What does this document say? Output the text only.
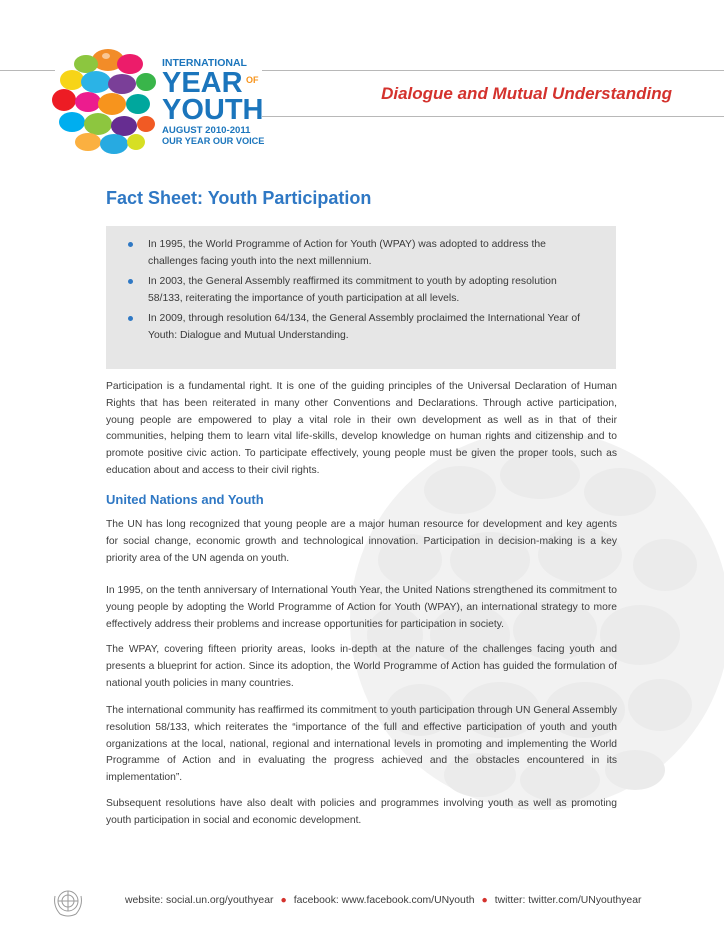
INTERNATIONAL
YEAR OF
YOUTH
AUGUST 2010-2011
OUR YEAR OUR VOICE
Dialogue and Mutual Understanding
Fact Sheet: Youth Participation
In 1995, the World Programme of Action for Youth (WPAY) was adopted to address the challenges facing youth into the next millennium.
In 2003, the General Assembly reaffirmed its commitment to youth by adopting resolution 58/133, reiterating the importance of youth participation at all levels.
In 2009, through resolution 64/134, the General Assembly proclaimed the International Year of Youth: Dialogue and Mutual Understanding.

Participation is a fundamental right. It is one of the guiding principles of the Universal Declaration of Human Rights that has been reiterated in many other Conventions and Declarations. Through active participation, young people are empowered to play a vital role in their own development as well as in that of their communities, helping them to learn vital life-skills, develop knowledge on human rights and citizenship and to promote positive civic action. To participate effectively, young people must be given the proper tools, such as education about and access to their civil rights.

United Nations and Youth

The UN has long recognized that young people are a major human resource for development and key agents for social change, economic growth and technological innovation. Participation in decision-making is a key priority area of the UN agenda on youth.

In 1995, on the tenth anniversary of International Youth Year, the United Nations strengthened its commitment to young people by adopting the World Programme of Action for Youth (WPAY), an international strategy to more effectively address their problems and increase opportunities for participation in society.

The WPAY, covering fifteen priority areas, looks in-depth at the nature of the challenges facing youth and presents a blueprint for action. Since its adoption, the World Programme of Action has guided the formulation of national youth policies in many countries.

The international community has reaffirmed its commitment to youth participation through UN General Assembly resolution 58/133, which reiterates the “importance of the full and effective participation of youth and youth organizations at the local, national, regional and international levels in promoting and implementing the World Programme of Action and in evaluating the progress achieved and the obstacles encountered in its implementation”.

Subsequent resolutions have also dealt with policies and programmes involving youth as well as promoting youth participation in social and economic development.

website: social.un.org/youthyear ● facebook: www.facebook.com/UNyouth ● twitter: twitter.com/UNyouthyear
